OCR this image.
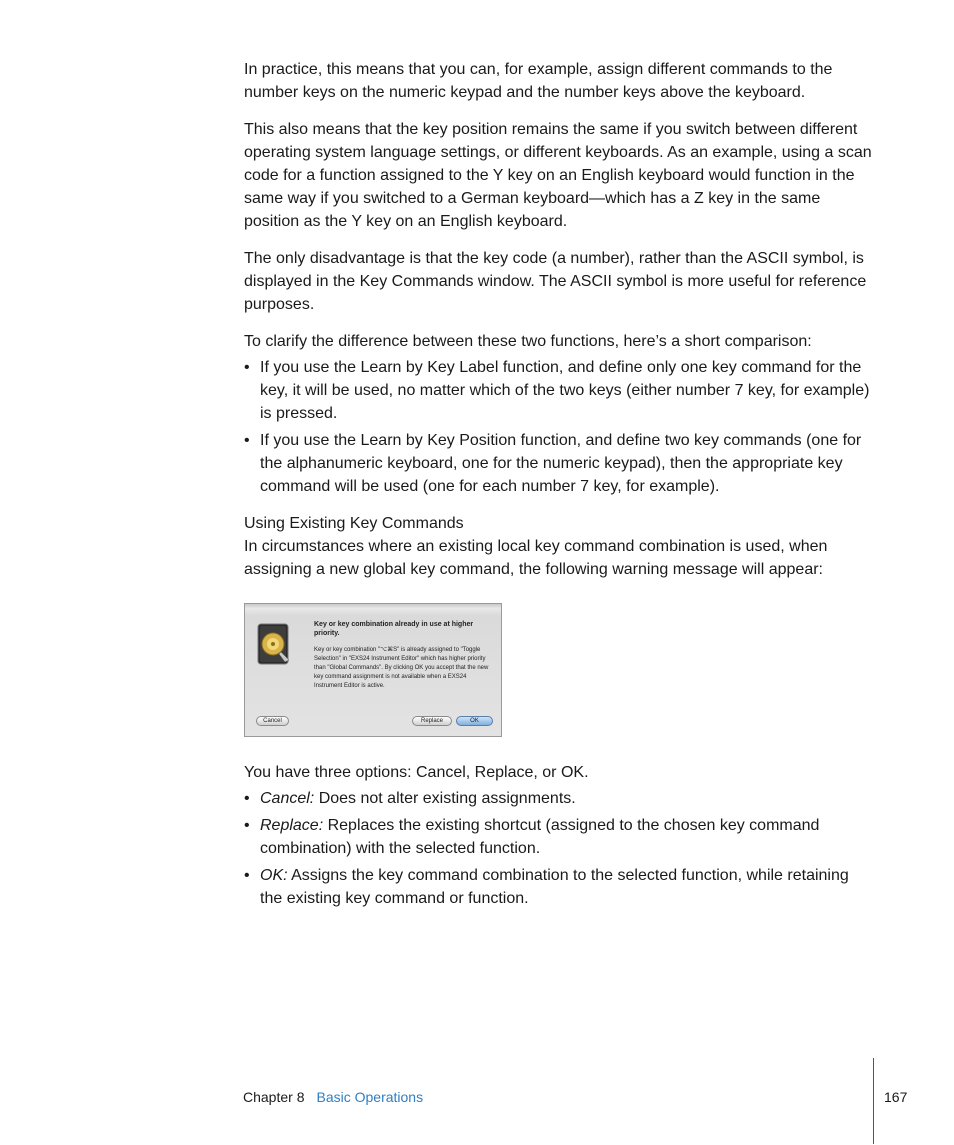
In practice, this means that you can, for example, assign different commands to the number keys on the numeric keypad and the number keys above the keyboard.

This also means that the key position remains the same if you switch between different operating system language settings, or different keyboards. As an example, using a scan code for a function assigned to the Y key on an English keyboard would function in the same way if you switched to a German keyboard—which has a Z key in the same position as the Y key on an English keyboard.

The only disadvantage is that the key code (a number), rather than the ASCII symbol, is displayed in the Key Commands window. The ASCII symbol is more useful for reference purposes.

To clarify the difference between these two functions, here’s a short comparison:

• If you use the Learn by Key Label function, and define only one key command for the key, it will be used, no matter which of the two keys (either number 7 key, for example) is pressed.
• If you use the Learn by Key Position function, and define two key commands (one for the alphanumeric keyboard, one for the numeric keypad), then the appropriate key command will be used (one for each number 7 key, for example).
Using Existing Key Commands

In circumstances where an existing local key command combination is used, when assigning a new global key command, the following warning message will appear:

Key or key combination already in use at higher priority.
Key or key combination "⌥⌘S" is already assigned to "Toggle Selection" in "EXS24 Instrument Editor" which has higher priority than "Global Commands". By clicking OK you accept that the new key command assignment is not available when a EXS24 Instrument Editor is active.
Cancel	Replace	OK

You have three options: Cancel, Replace, or OK.

• Cancel: Does not alter existing assignments.
• Replace: Replaces the existing shortcut (assigned to the chosen key command combination) with the selected function.
• OK: Assigns the key command combination to the selected function, while retaining the existing key command or function.
Chapter 8 Basic Operations	167
